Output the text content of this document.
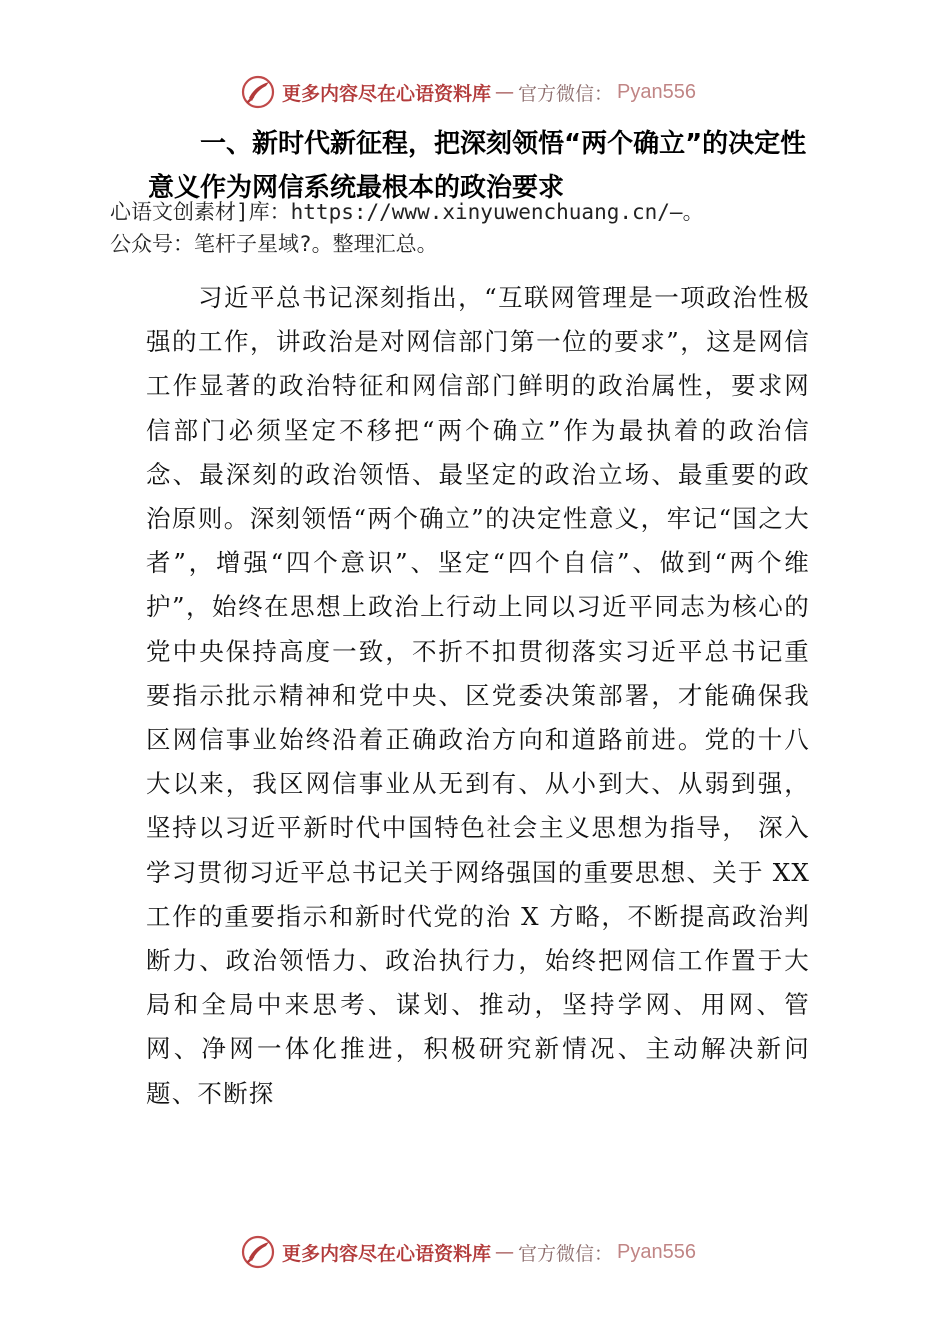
更多内容尽在心语资料库 — 官方微信： Pyan556
一、新时代新征程，把深刻领悟“两个确立”的决定性意义作为网信系统最根本的政治要求
心语文创素材]库：https://www.xinyuwenchuang.cn/—。
公众号：笔杆子星域?。整理汇总。
习近平总书记深刻指出，“互联网管理是一项政治性极强的工作，讲政治是对网信部门第一位的要求”，这是网信工作显著的政治特征和网信部门鲜明的政治属性，要求网信部门必须坚定不移把“两个确立”作为最执着的政治信念、最深刻的政治领悟、最坚定的政治立场、最重要的政治原则。深刻领悟“两个确立”的决定性意义，牢记“国之大者”，增强“四个意识”、坚定“四个自信”、做到“两个维护”，始终在思想上政治上行动上同以习近平同志为核心的党中央保持高度一致，不折不扣贯彻落实习近平总书记重要指示批示精神和党中央、区党委决策部署，才能确保我区网信事业始终沿着正确政治方向和道路前进。党的十八大以来，我区网信事业从无到有、从小到大、从弱到强，坚持以习近平新时代中国特色社会主义思想为指导， 深入学习贯彻习近平总书记关于网络强国的重要思想、关于 XX 工作的重要指示和新时代党的治 X 方略，不断提高政治判断力、政治领悟力、政治执行力，始终把网信工作置于大局和全局中来思考、谋划、推动，坚持学网、用网、管网、净网一体化推进，积极研究新情况、主动解决新问题、不断探
更多内容尽在心语资料库 — 官方微信： Pyan556
